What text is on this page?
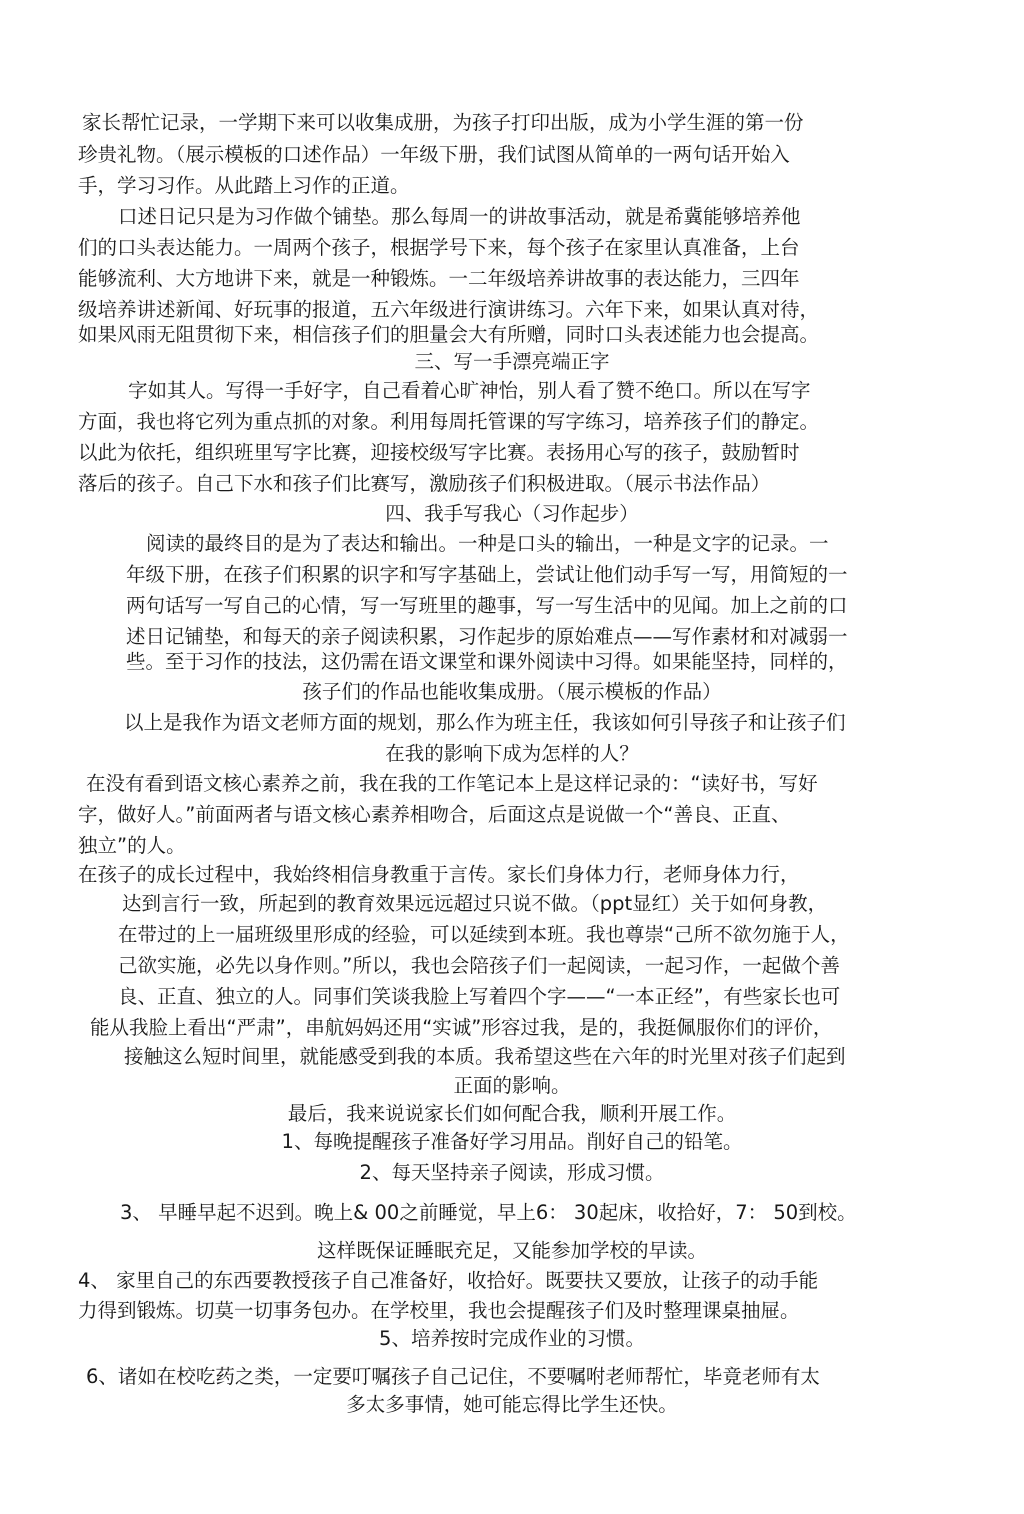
家长帮忙记录，一学期下来可以收集成册，为孩子打印出版，成为小学生涯的第一份
珍贵礼物。（展示模板的口述作品）一年级下册，我们试图从简单的一两句话开始入
手，学习习作。从此踏上习作的正道。
口述日记只是为习作做个铺垫。那么每周一的讲故事活动，就是希冀能够培养他
们的口头表达能力。一周两个孩子，根据学号下来，每个孩子在家里认真准备，上台
能够流利、大方地讲下来，就是一种锻炼。一二年级培养讲故事的表达能力，三四年
级培养讲述新闻、好玩事的报道，五六年级进行演讲练习。六年下来，如果认真对待，
如果风雨无阻贯彻下来，相信孩子们的胆量会大有所赠，同时口头表述能力也会提高。
三、写一手漂亮端正字
字如其人。写得一手好字，自己看着心旷神怡，别人看了赞不绝口。所以在写字
方面，我也将它列为重点抓的对象。利用每周托管课的写字练习，培养孩子们的静定。
以此为依托，组织班里写字比赛，迎接校级写字比赛。表扬用心写的孩子，鼓励暂时
落后的孩子。自己下水和孩子们比赛写，激励孩子们积极进取。（展示书法作品）
四、我手写我心（习作起步）
阅读的最终目的是为了表达和输出。一种是口头的输出，一种是文字的记录。一
年级下册，在孩子们积累的识字和写字基础上，尝试让他们动手写一写，用简短的一
两句话写一写自己的心情，写一写班里的趣事，写一写生活中的见闻。加上之前的口
述日记铺垫，和每天的亲子阅读积累，习作起步的原始难点——写作素材和对减弱一
些。至于习作的技法，这仍需在语文课堂和课外阅读中习得。如果能坚持，同样的，
孩子们的作品也能收集成册。（展示模板的作品）
以上是我作为语文老师方面的规划，那么作为班主任，我该如何引导孩子和让孩子们
在我的影响下成为怎样的人？
在没有看到语文核心素养之前，我在我的工作笔记本上是这样记录的：“读好书，写好
字，做好人。”前面两者与语文核心素养相吻合，后面这点是说做一个“善良、正直、
独立”的人。
在孩子的成长过程中，我始终相信身教重于言传。家长们身体力行，老师身体力行，
达到言行一致，所起到的教育效果远远超过只说不做。（ppt显红）关于如何身教，
在带过的上一届班级里形成的经验，可以延续到本班。我也尊崇“己所不欲勿施于人，
己欲实施，必先以身作则。”所以，我也会陪孩子们一起阅读，一起习作，一起做个善
良、正直、独立的人。同事们笑谈我脸上写着四个字——“一本正经”，有些家长也可
能从我脸上看出“严肃”，串航妈妈还用“实诚”形容过我，是的，我挺佩服你们的评价，
接触这么短时间里，就能感受到我的本质。我希望这些在六年的时光里对孩子们起到
正面的影响。
最后，我来说说家长们如何配合我，顺利开展工作。
1、每晚提醒孩子准备好学习用品。削好自己的铅笔。
2、每天坚持亲子阅读，形成习惯。
3、 早睡早起不迟到。晚上& 00之前睡觉，早上6： 30起床，收拾好，7： 50到校。
这样既保证睡眠充足，又能参加学校的早读。
4、 家里自己的东西要教授孩子自己准备好，收拾好。既要扶又要放，让孩子的动手能
力得到锻炼。切莫一切事务包办。在学校里，我也会提醒孩子们及时整理课桌抽屉。
5、培养按时完成作业的习惯。
6、诸如在校吃药之类，一定要叮嘱孩子自己记住，不要嘱咐老师帮忙，毕竟老师有太
多太多事情，她可能忘得比学生还快。
